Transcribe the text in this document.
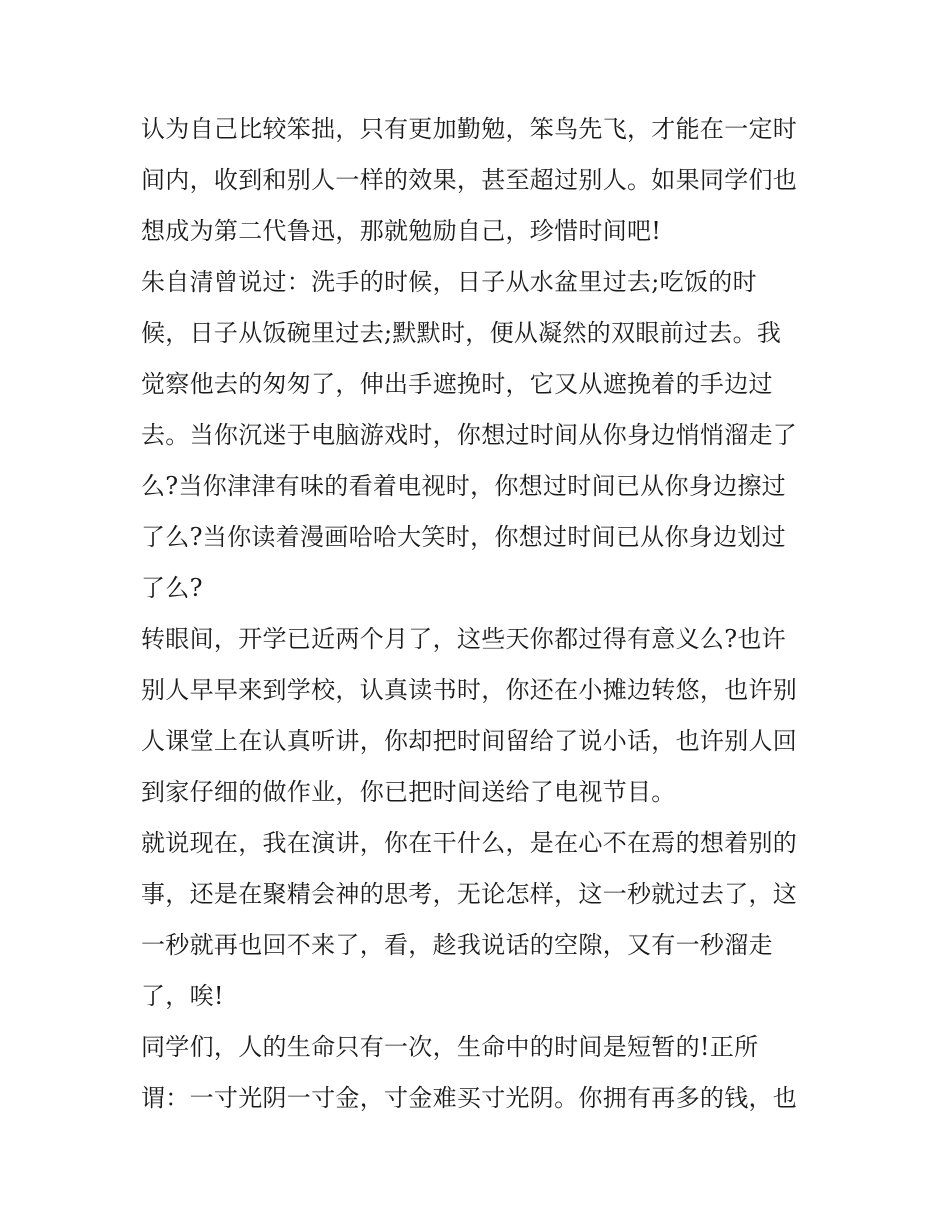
认为自己比较笨拙，只有更加勤勉，笨鸟先飞，才能在一定时
间内，收到和别人一样的效果，甚至超过别人。如果同学们也
想成为第二代鲁迅，那就勉励自己，珍惜时间吧!
朱自清曾说过：洗手的时候，日子从水盆里过去;吃饭的时
候，日子从饭碗里过去;默默时，便从凝然的双眼前过去。我
觉察他去的匆匆了，伸出手遮挽时，它又从遮挽着的手边过
去。当你沉迷于电脑游戏时，你想过时间从你身边悄悄溜走了
么?当你津津有味的看着电视时，你想过时间已从你身边擦过
了么?当你读着漫画哈哈大笑时，你想过时间已从你身边划过
了么?
转眼间，开学已近两个月了，这些天你都过得有意义么?也许
别人早早来到学校，认真读书时，你还在小摊边转悠，也许别
人课堂上在认真听讲，你却把时间留给了说小话，也许别人回
到家仔细的做作业，你已把时间送给了电视节目。
就说现在，我在演讲，你在干什么，是在心不在焉的想着别的
事，还是在聚精会神的思考，无论怎样，这一秒就过去了，这
一秒就再也回不来了，看，趁我说话的空隙，又有一秒溜走
了，唉!
同学们，人的生命只有一次，生命中的时间是短暂的!正所
谓：一寸光阴一寸金，寸金难买寸光阴。你拥有再多的钱，也
